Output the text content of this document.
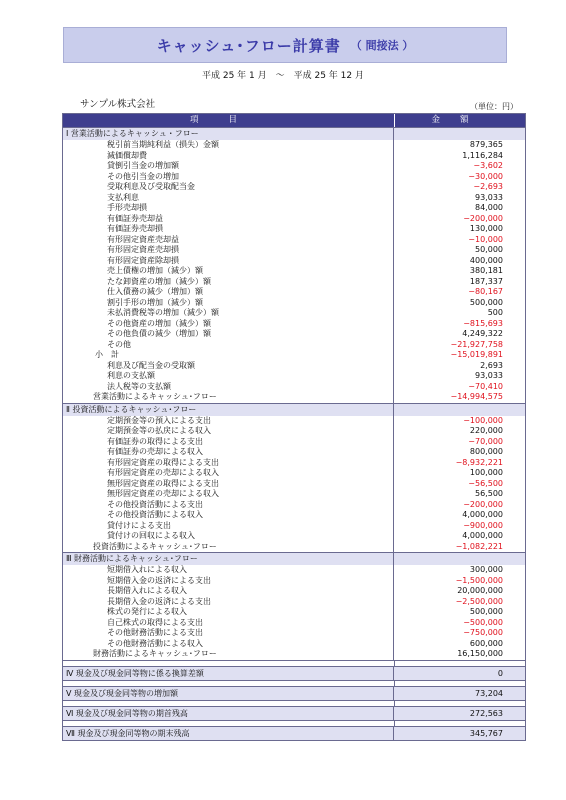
キャッシュ･フロー計算書 （ 間接法 ）
平成 25 年 1 月　～　平成 25 年 12 月
サンプル株式会社	（単位：円）
項目	金額
Ⅰ 営業活動によるキャッシュ・フロー
税引前当期純利益（損失）金額	879,365
減価償却費	1,116,284
貸倒引当金の増加額	−3,602
その他引当金の増加	−30,000
受取利息及び受取配当金	−2,693
支払利息	93,033
手形売却損	84,000
有価証券売却益	−200,000
有価証券売却損	130,000
有形固定資産売却益	−10,000
有形固定資産売却損	50,000
有形固定資産除却損	400,000
売上債権の増加（減少）額	380,181
たな卸資産の増加（減少）額	187,337
仕入債務の減少（増加）額	−80,167
割引手形の増加（減少）額	500,000
未払消費税等の増加（減少）額	500
その他資産の増加（減少）額	−815,693
その他負債の減少（増加）額	4,249,322
その他	−21,927,758
小　計	−15,019,891
利息及び配当金の受取額	2,693
利息の支払額	93,033
法人税等の支払額	−70,410
営業活動によるキャッシュ･フロー	−14,994,575
Ⅱ 投資活動によるキャッシュ･フロー
定期預金等の預入による支出	−100,000
定期預金等の払戻による収入	220,000
有価証券の取得による支出	−70,000
有価証券の売却による収入	800,000
有形固定資産の取得による支出	−8,932,221
有形固定資産の売却による収入	100,000
無形固定資産の取得による支出	−56,500
無形固定資産の売却による収入	56,500
その他投資活動による支出	−200,000
その他投資活動による収入	4,000,000
貸付けによる支出	−900,000
貸付けの回収による収入	4,000,000
投資活動によるキャッシュ･フロー	−1,082,221
Ⅲ 財務活動によるキャッシュ･フロー
短期借入れによる収入	300,000
短期借入金の返済による支出	−1,500,000
長期借入れによる収入	20,000,000
長期借入金の返済による支出	−2,500,000
株式の発行による収入	500,000
自己株式の取得による支出	−500,000
その他財務活動による支出	−750,000
その他財務活動による収入	600,000
財務活動によるキャッシュ･フロー	16,150,000
Ⅳ 現金及び現金同等物に係る換算差額	0
Ⅴ 現金及び現金同等物の増加額	73,204
Ⅵ 現金及び現金同等物の期首残高	272,563
Ⅶ 現金及び現金同等物の期末残高	345,767
